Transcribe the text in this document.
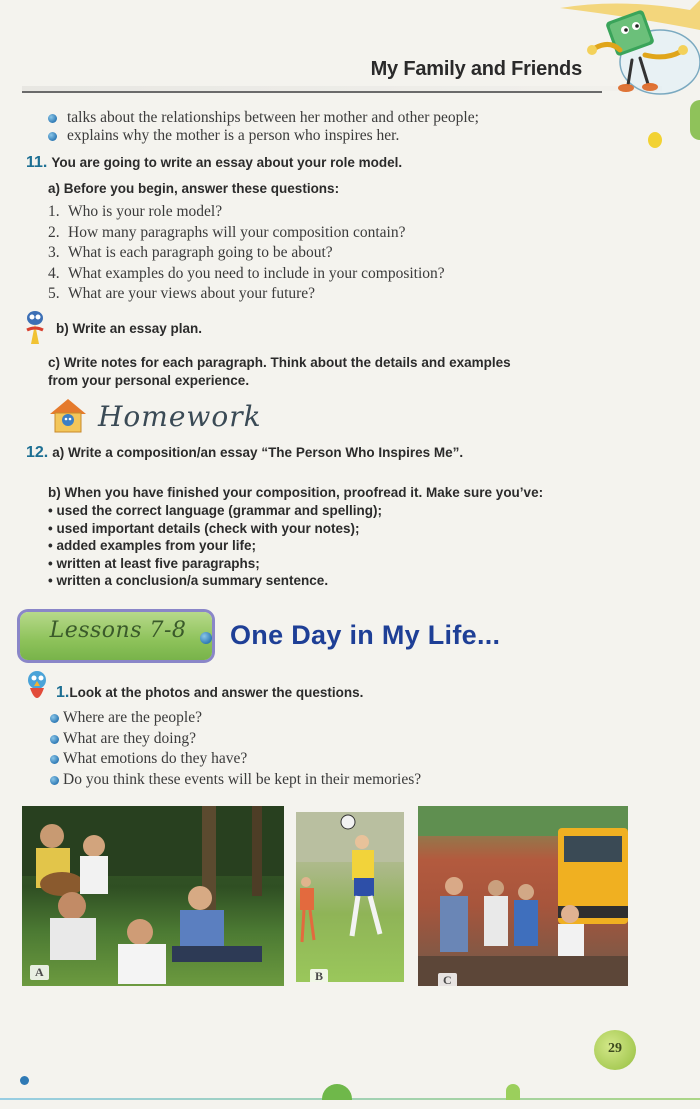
My Family and Friends
talks about the relationships between her mother and other people;
explains why the mother is a person who inspires her.
11. You are going to write an essay about your role model.
a) Before you begin, answer these questions:
1. Who is your role model?
2. How many paragraphs will your composition contain?
3. What is each paragraph going to be about?
4. What examples do you need to include in your composition?
5. What are your views about your future?
b) Write an essay plan.
c) Write notes for each paragraph. Think about the details and examples
from your personal experience.
Homework
12. a) Write a composition/an essay “The Person Who Inspires Me”.
b) When you have finished your composition, proofread it. Make sure you’ve:
• used the correct language (grammar and spelling);
• used important details (check with your notes);
• added examples from your life;
• written at least five paragraphs;
• written a conclusion/a summary sentence.
Lessons 7-8	One Day in My Life...
1.Look at the photos and answer the questions.
Where are the people?
What are they doing?
What emotions do they have?
Do you think these events will be kept in their memories?
A	B	C
29
